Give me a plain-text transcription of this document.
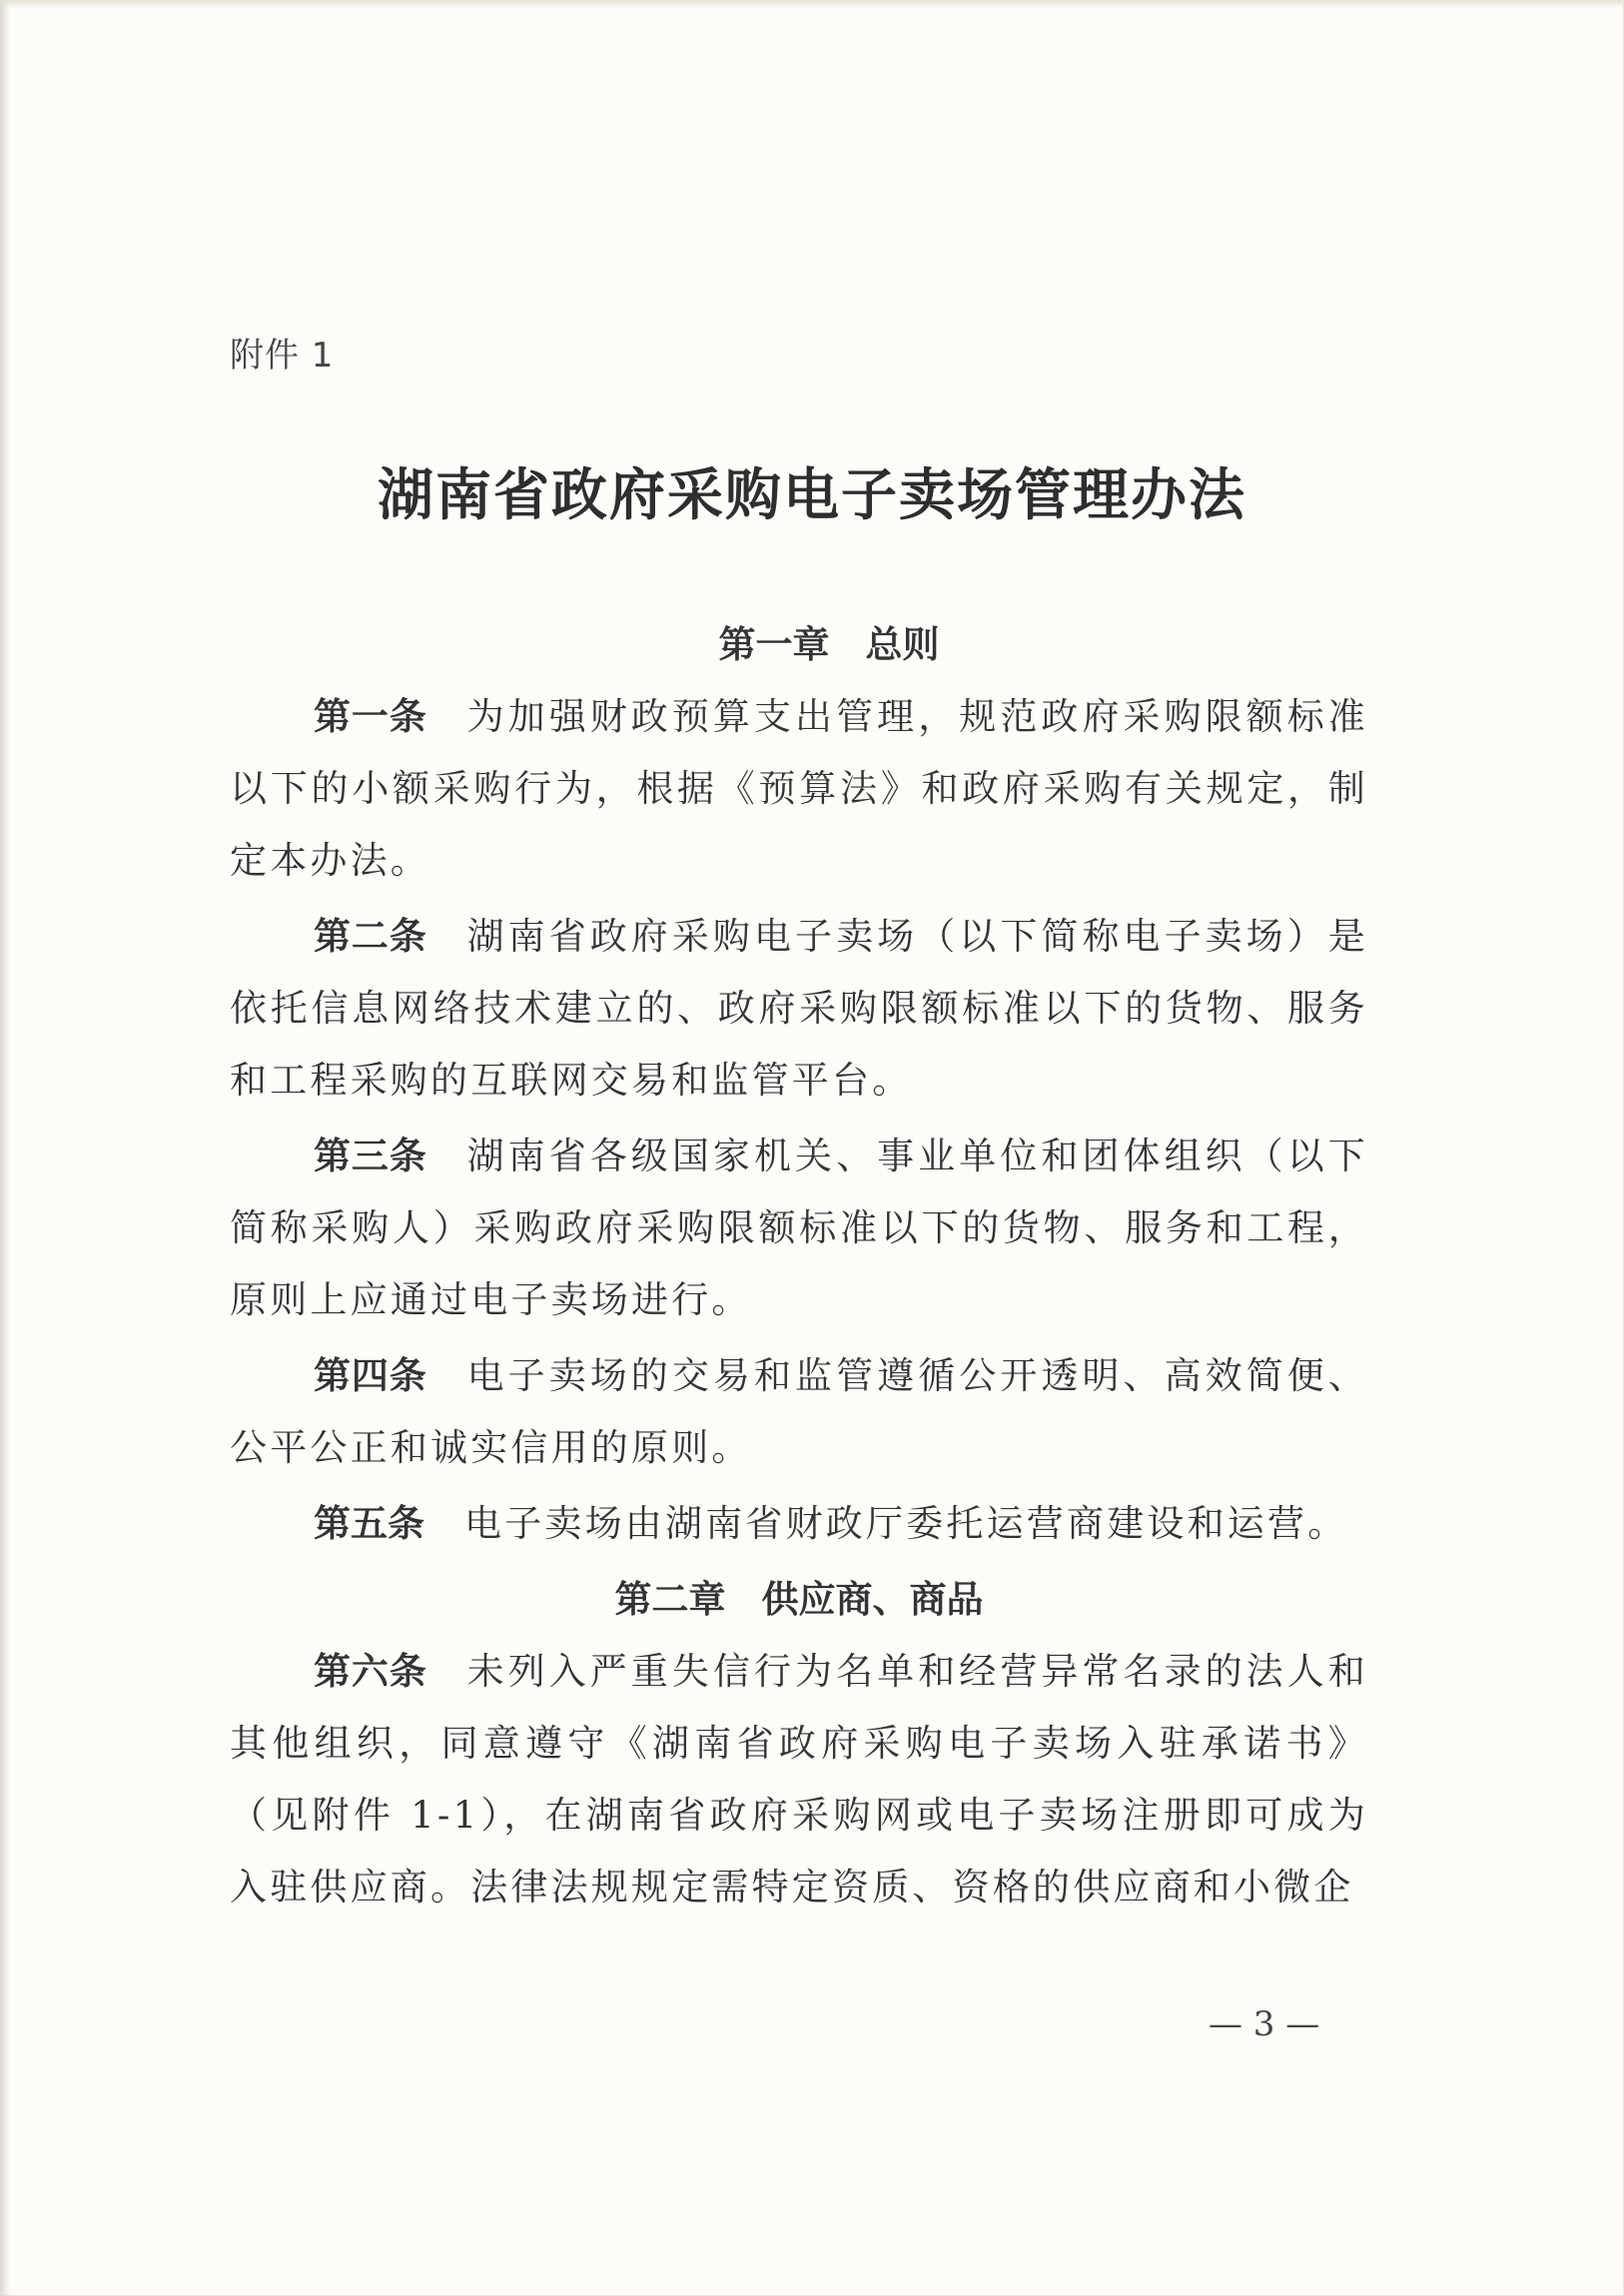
附件 1
湖南省政府采购电子卖场管理办法

第一章 总则

第一条 为加强财政预算支出管理，规范政府采购限额标准以下的小额采购行为，根据《预算法》和政府采购有关规定，制定本办法。

第二条 湖南省政府采购电子卖场（以下简称电子卖场）是依托信息网络技术建立的、政府采购限额标准以下的货物、服务和工程采购的互联网交易和监管平台。

第三条 湖南省各级国家机关、事业单位和团体组织（以下简称采购人）采购政府采购限额标准以下的货物、服务和工程，原则上应通过电子卖场进行。

第四条 电子卖场的交易和监管遵循公开透明、高效简便、公平公正和诚实信用的原则。

第五条 电子卖场由湖南省财政厅委托运营商建设和运营。

第二章 供应商、商品

第六条 未列入严重失信行为名单和经营异常名录的法人和其他组织，同意遵守《湖南省政府采购电子卖场入驻承诺书》（见附件 1-1），在湖南省政府采购网或电子卖场注册即可成为入驻供应商。法律法规规定需特定资质、资格的供应商和小微企

— 3 —
